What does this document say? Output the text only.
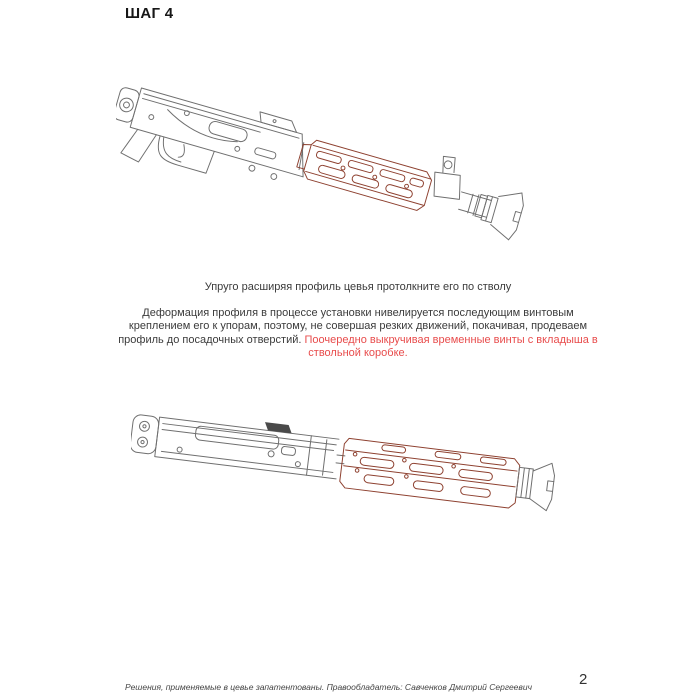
ШАГ 4
Упруго расширяя профиль цевья протолкните его по стволу
Деформация профиля в процессе установки нивелируется последующим винтовым креплением его к упорам, поэтому, не совершая резких движений, покачивая, продеваем профиль до посадочных отверстий. Поочередно выкручивая временные винты с вкладыша в ствольной коробке.
Решения, применяемые в цевье запатентованы. Правообладатель: Савченков Дмитрий Сергеевич	2
